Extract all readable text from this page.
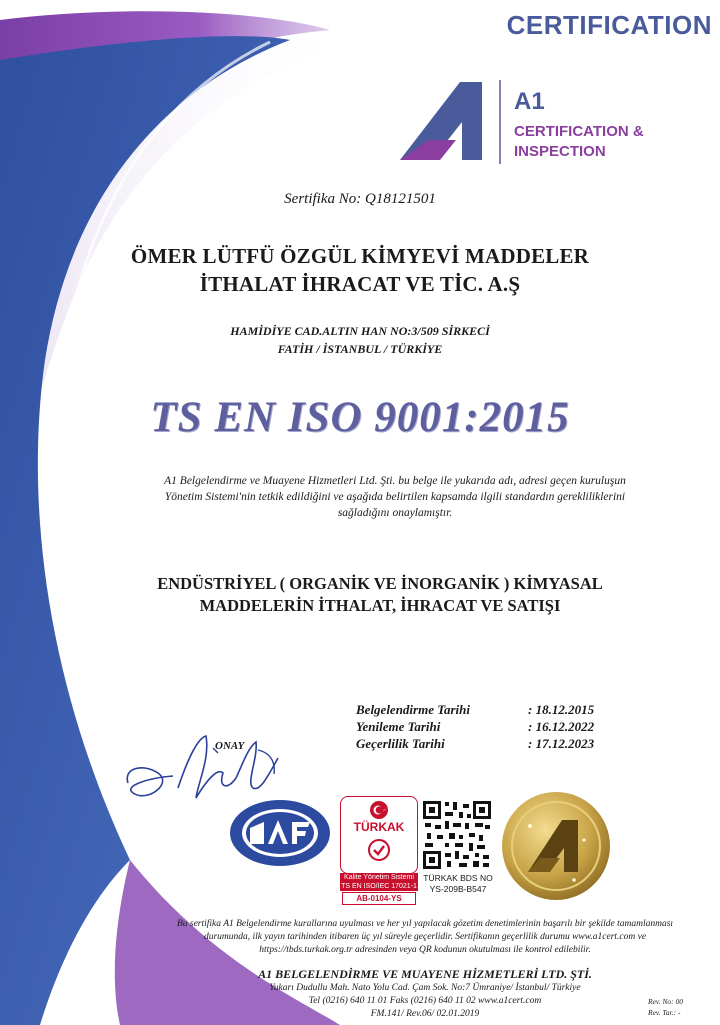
CERTIFICATION
A1
CERTIFICATION &
INSPECTION
Sertifika No: Q18121501
ÖMER LÜTFÜ ÖZGÜL KİMYEVİ MADDELER
İTHALAT İHRACAT VE TİC. A.Ş
HAMİDİYE CAD.ALTIN HAN NO:3/509 SİRKECİ
FATİH / İSTANBUL / TÜRKİYE
TS EN ISO 9001:2015
A1 Belgelendirme ve Muayene Hizmetleri Ltd. Şti. bu belge ile yukarıda adı, adresi geçen kuruluşun
Yönetim Sistemi'nin tetkik edildiğini ve aşağıda belirtilen kapsamda ilgili standardın gerekliliklerini
sağladığını onaylamıştır.
ENDÜSTRİYEL ( ORGANİK VE İNORGANİK ) KİMYASAL
MADDELERİN İTHALAT, İHRACAT VE SATIŞI
Belgelendirme Tarihi	: 18.12.2015
Yenileme Tarihi	: 16.12.2022
Geçerlilik Tarihi	: 17.12.2023
ONAY
TÜRKAK
Kalite Yönetim Sistemi
TS EN ISO/IEC 17021-1
AB-0104-YS
TÜRKAK BDS NO
YS-209B-B547
Bu sertifika A1 Belgelendirme kurallarına uyulması ve her yıl yapılacak gözetim denetimlerinin başarılı bir şekilde tamamlanması
durumunda, ilk yayın tarihinden itibaren üç yıl süreyle geçerlidir. Sertifikanın geçerlilik durumu www.a1cert.com ve
https://tbds.turkak.org.tr adresinden veya QR kodunun okutulması ile kontrol edilebilir.
A1 BELGELENDİRME VE MUAYENE HİZMETLERİ LTD. ŞTİ.
Yukarı Dudullu Mah. Nato Yolu Cad. Çam Sok. No:7 Ümraniye/ İstanbul/ Türkiye
Tel (0216) 640 11 01 Faks (0216) 640 11 02 www.a1cert.com
FM.141/ Rev.06/ 02.01.2019
Rev. No: 00
Rev. Tar.: -
